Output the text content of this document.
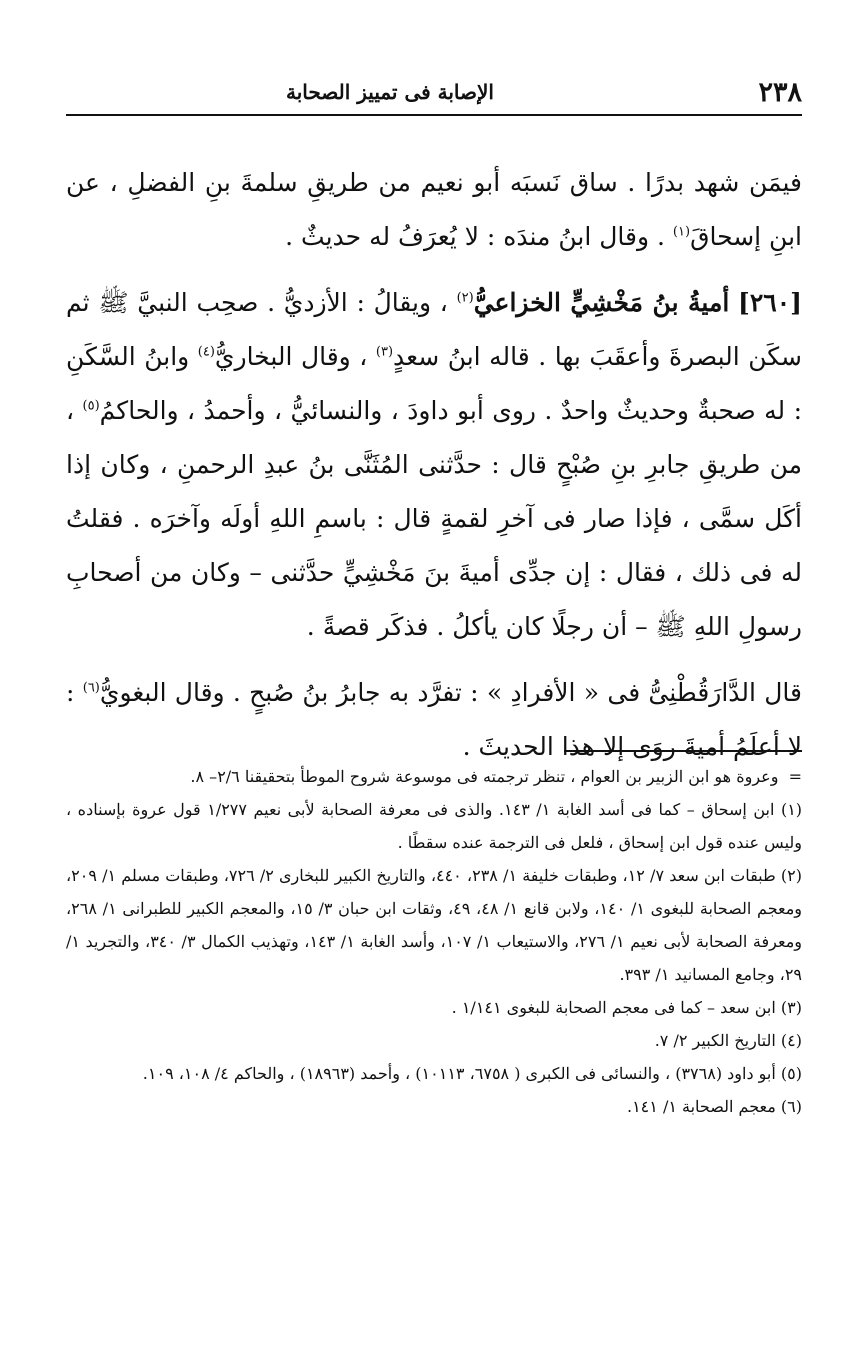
٢٣٨
الإصابة فى تمييز الصحابة

فيمَن شهد بدرًا . ساق نَسبَه أبو نعيم من طريقِ سلمةَ بنِ الفضلِ ، عن ابنِ إسحاقَ$^{(١)}$ . وقال ابنُ مندَه : لا يُعرَفُ له حديثٌ .

[٢٦٠] أميةُ بنُ مَخْشِيٍّ الخزاعيُّ$^{(٢)}$ ، ويقالُ : الأزديُّ . صحِب النبيَّ ﷺ ثم سكَن البصرةَ وأعقَبَ بها . قاله ابنُ سعدٍ$^{(٣)}$ ، وقال البخاريُّ$^{(٤)}$ وابنُ السَّكَنِ : له صحبةٌ وحديثٌ واحدٌ . روى أبو داودَ ، والنسائيُّ ، وأحمدُ ، والحاكمُ$^{(٥)}$ ، من طريقِ جابرِ بنِ صُبْحٍ قال : حدَّثنى المُثَنَّى بنُ عبدِ الرحمنِ ، وكان إذا أكَل سمَّى ، فإذا صار فى آخرِ لقمةٍ قال : باسمِ اللهِ أولَه وآخرَه . فقلتُ له فى ذلك ، فقال : إن جدِّى أميةَ بنَ مَخْشِيٍّ حدَّثنى – وكان من أصحابِ رسولِ اللهِ ﷺ – أن رجلًا كان يأكلُ . فذكَر قصةً .

قال الدَّارَقُطْنِىُّ فى « الأفرادِ » : تفرَّد به جابرُ بنُ صُبحٍ . وقال البغويُّ$^{(٦)}$ : لا أعلَمُ أميةَ روَى إلا هذا الحديثَ .

=  وعروة هو ابن الزبير بن العوام ، تنظر ترجمته فى موسوعة شروح الموطأ بتحقيقنا ٢/٦– ٨.

(١) ابن إسحاق – كما فى أسد الغابة ١/ ١٤٣. والذى فى معرفة الصحابة لأبى نعيم ١/٢٧٧ قول عروة بإسناده ، وليس عنده قول ابن إسحاق ، فلعل فى الترجمة عنده سقطًا .

(٢) طبقات ابن سعد ٧/ ١٢، وطبقات خليفة ١/ ٢٣٨، ٤٤٠، والتاريخ الكبير للبخارى ٢/ ٧٢٦، وطبقات مسلم ١/ ٢٠٩، ومعجم الصحابة للبغوى ١/ ١٤٠، ولابن قانع ١/ ٤٨، ٤٩، وثقات ابن حبان ٣/ ١٥، والمعجم الكبير للطبرانى ١/ ٢٦٨، ومعرفة الصحابة لأبى نعيم ١/ ٢٧٦، والاستيعاب ١/ ١٠٧، وأسد الغابة ١/ ١٤٣، وتهذيب الكمال ٣/ ٣٤٠، والتجريد ١/ ٢٩، وجامع المسانيد ١/ ٣٩٣.

(٣) ابن سعد – كما فى معجم الصحابة للبغوى ١/١٤١ .

(٤) التاريخ الكبير ٢/ ٧.

(٥) أبو داود (٣٧٦٨) ، والنسائى فى الكبرى ( ٦٧٥٨، ١٠١١٣) ، وأحمد (١٨٩٦٣) ، والحاكم ٤/ ١٠٨، ١٠٩.

(٦) معجم الصحابة ١/ ١٤١.
